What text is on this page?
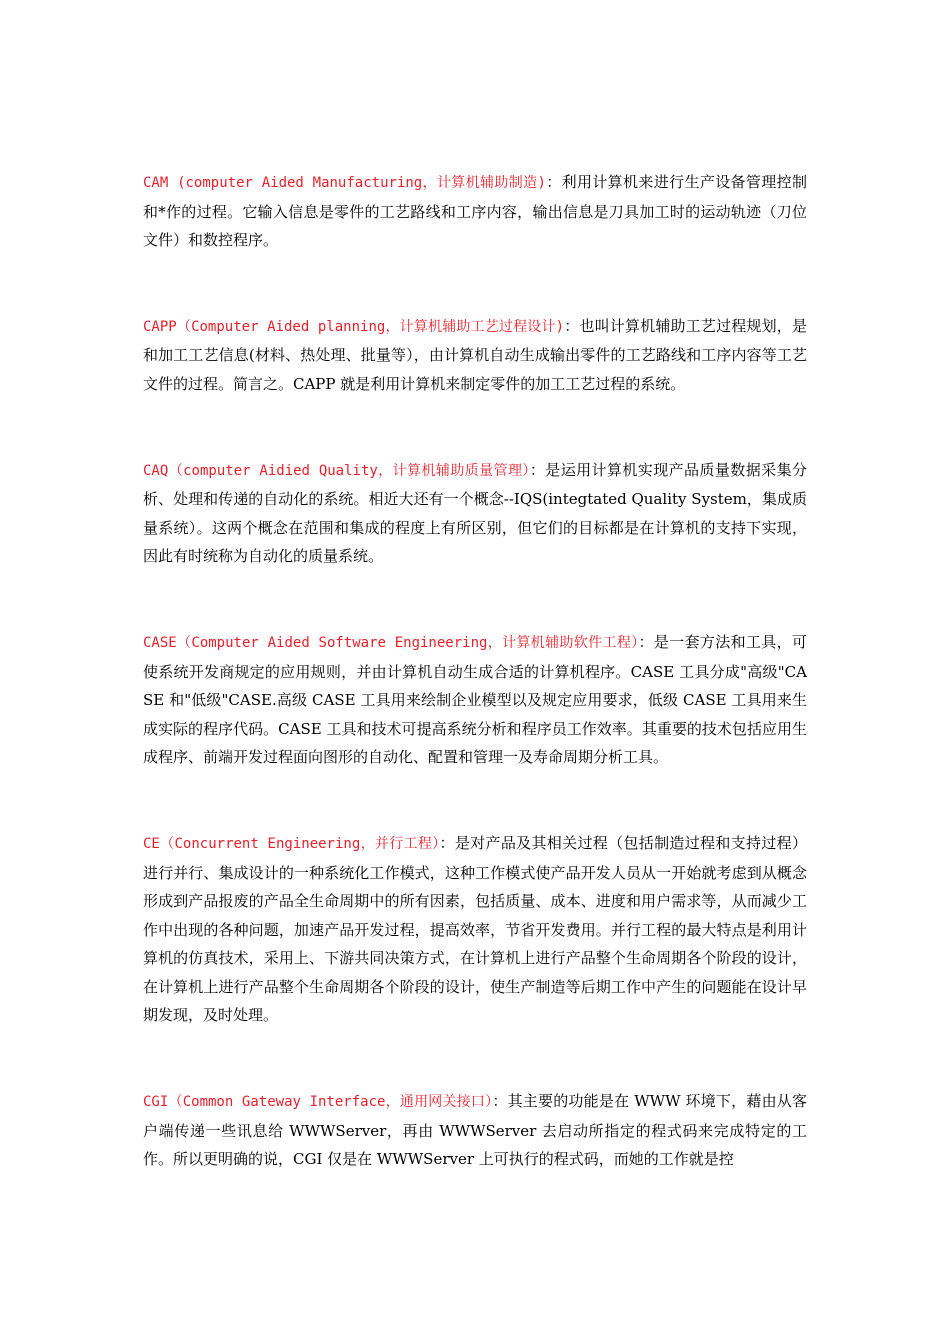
CAM (computer Aided Manufacturing，计算机辅助制造)：利用计算机来进行生产设备管理控制和*作的过程。它输入信息是零件的工艺路线和工序内容，输出信息是刀具加工时的运动轨迹（刀位文件）和数控程序。

CAPP（Computer Aided planning，计算机辅助工艺过程设计)：也叫计算机辅助工艺过程规划，是和加工工艺信息(材料、热处理、批量等），由计算机自动生成输出零件的工艺路线和工序内容等工艺文件的过程。简言之。CAPP 就是利用计算机来制定零件的加工工艺过程的系统。

CAQ（computer Aidied Quality，计算机辅助质量管理）：是运用计算机实现产品质量数据采集分析、处理和传递的自动化的系统。相近大还有一个概念--IQS(integtated Quality System，集成质量系统）。这两个概念在范围和集成的程度上有所区别，但它们的目标都是在计算机的支持下实现，因此有时统称为自动化的质量系统。

CASE（Computer Aided Software Engineering，计算机辅助软件工程）：是一套方法和工具，可使系统开发商规定的应用规则，并由计算机自动生成合适的计算机程序。CASE 工具分成"高级"CASE 和"低级"CASE.高级 CASE 工具用来绘制企业模型以及规定应用要求，低级 CASE 工具用来生成实际的程序代码。CASE 工具和技术可提高系统分析和程序员工作效率。其重要的技术包括应用生成程序、前端开发过程面向图形的自动化、配置和管理一及寿命周期分析工具。

CE（Concurrent Engineering，并行工程）：是对产品及其相关过程（包括制造过程和支持过程）进行并行、集成设计的一种系统化工作模式，这种工作模式使产品开发人员从一开始就考虑到从概念形成到产品报废的产品全生命周期中的所有因素，包括质量、成本、进度和用户需求等，从而减少工作中出现的各种问题，加速产品开发过程，提高效率，节省开发费用。并行工程的最大特点是利用计算机的仿真技术，采用上、下游共同决策方式，在计算机上进行产品整个生命周期各个阶段的设计，在计算机上进行产品整个生命周期各个阶段的设计，使生产制造等后期工作中产生的问题能在设计早期发现，及时处理。

CGI（Common Gateway Interface，通用网关接口）：其主要的功能是在 WWW 环境下，藉由从客户端传递一些讯息给 WWWServer，再由 WWWServer 去启动所指定的程式码来完成特定的工作。所以更明确的说，CGI 仅是在 WWWServer 上可执行的程式码，而她的工作就是控
